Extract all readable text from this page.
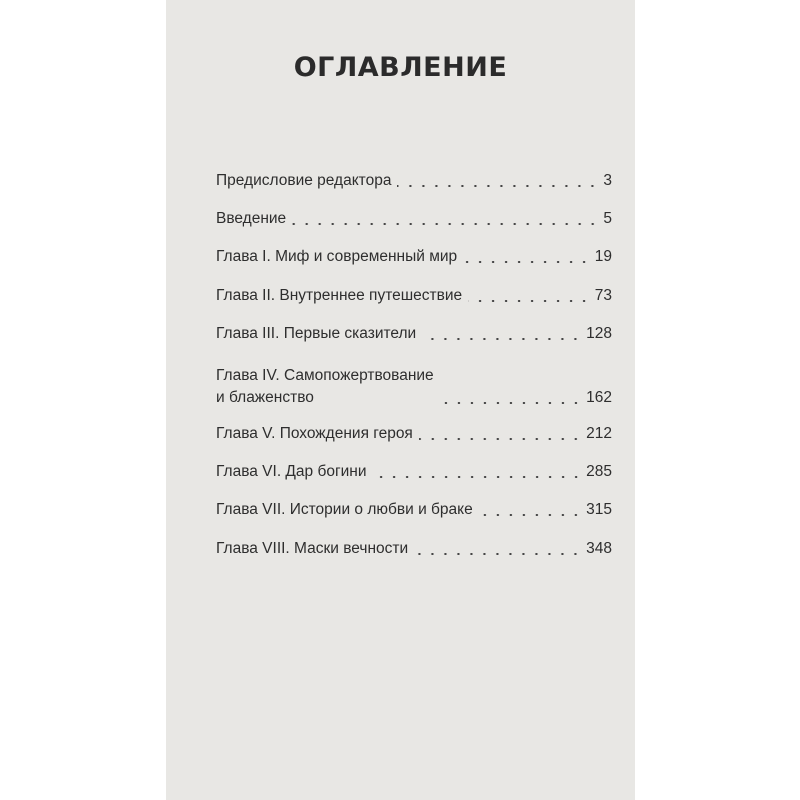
ОГЛАВЛЕНИЕ
Предисловие редактора	3
Введение	5
Глава I. Миф и современный мир	19
Глава II. Внутреннее путешествие	73
Глава III. Первые сказители	128
Глава IV. Самопожертвование
и блаженство	162
Глава V. Похождения героя	212
Глава VI. Дар богини	285
Глава VII. Истории о любви и браке	315
Глава VIII. Маски вечности	348
